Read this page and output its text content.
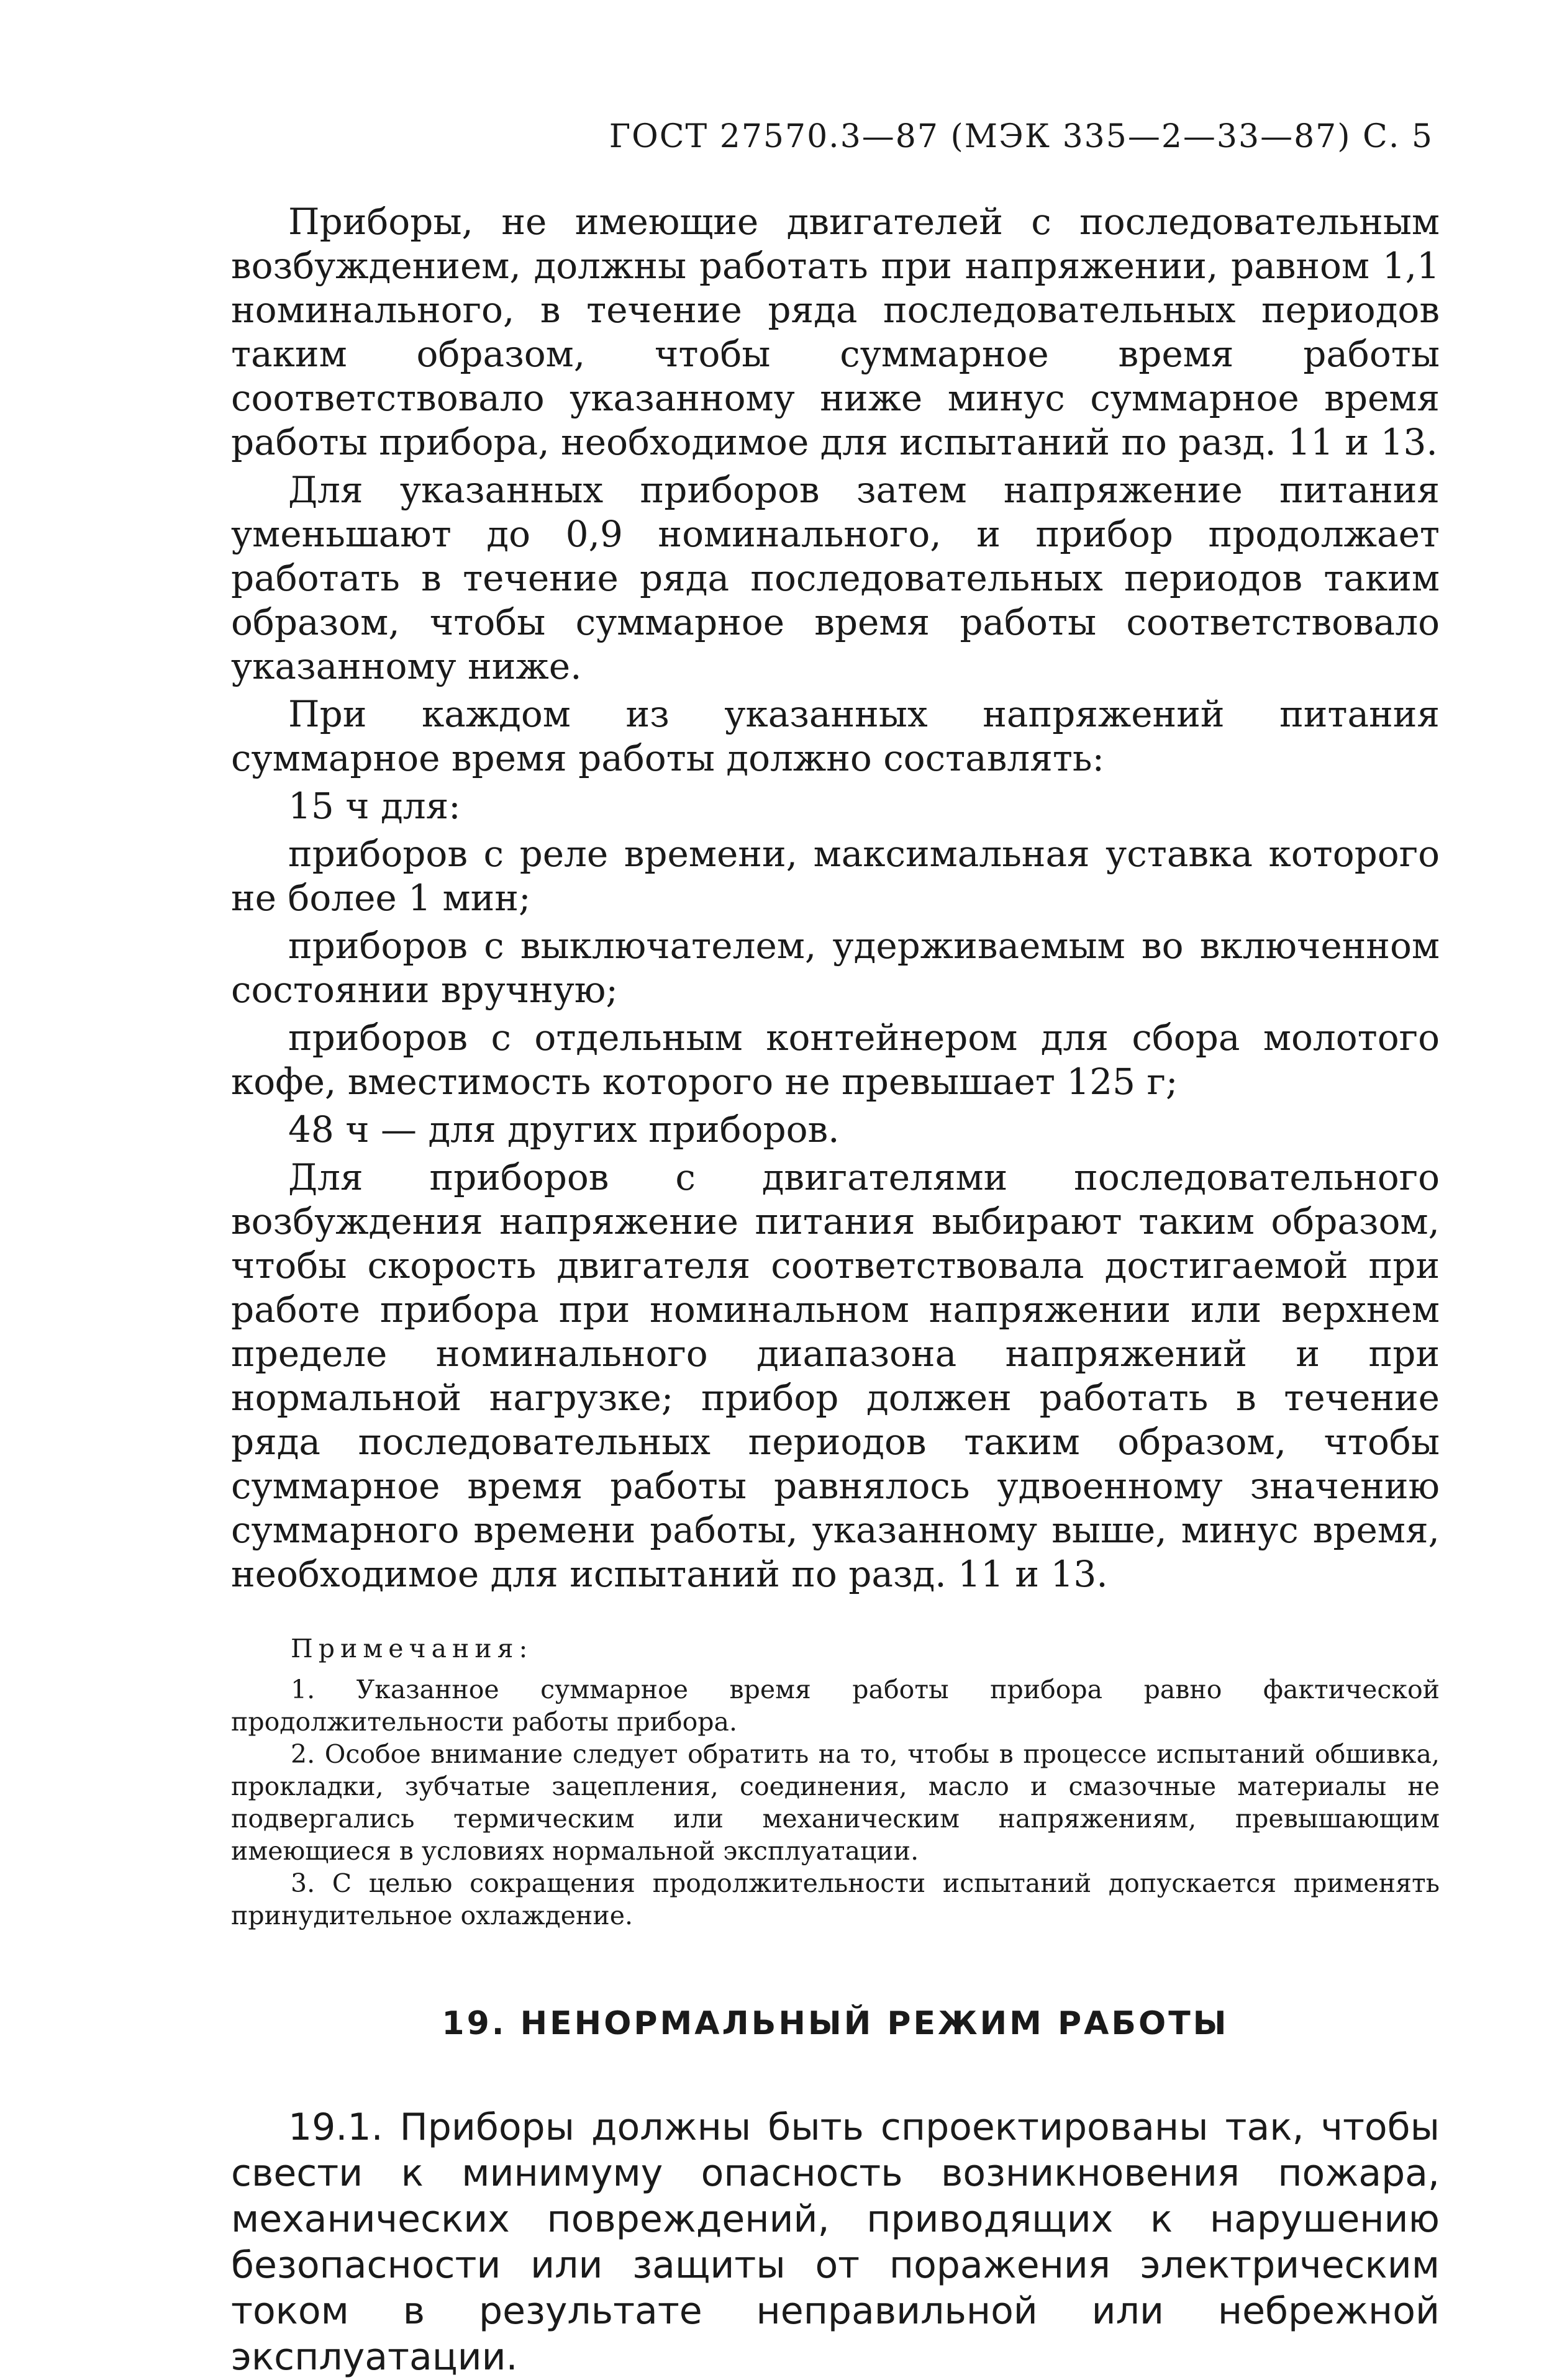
ГОСТ 27570.3—87 (МЭК 335—2—33—87) С. 5

Приборы, не имеющие двигателей с последовательным возбуждением, должны работать при напряжении, равном 1,1 номинального, в течение ряда последовательных периодов таким образом, чтобы суммарное время работы соответствовало указанному ниже минус суммарное время работы прибора, необходимое для испытаний по разд. 11 и 13.

Для указанных приборов затем напряжение питания уменьшают до 0,9 номинального, и прибор продолжает работать в течение ряда последовательных периодов таким образом, чтобы суммарное время работы соответствовало указанному ниже.

При каждом из указанных напряжений питания суммарное время работы должно составлять:

15 ч для:

приборов с реле времени, максимальная уставка которого не более 1 мин;

приборов с выключателем, удерживаемым во включенном состоянии вручную;

приборов с отдельным контейнером для сбора молотого кофе, вместимость которого не превышает 125 г;

48 ч — для других приборов.

Для приборов с двигателями последовательного возбуждения напряжение питания выбирают таким образом, чтобы скорость двигателя соответствовала достигаемой при работе прибора при номинальном напряжении или верхнем пределе номинального диапазона напряжений и при нормальной нагрузке; прибор должен работать в течение ряда последовательных периодов таким образом, чтобы суммарное время работы равнялось удвоенному значению суммарного времени работы, указанному выше, минус время, необходимое для испытаний по разд. 11 и 13.

Примечания:

1. Указанное суммарное время работы прибора равно фактической продолжительности работы прибора.

2. Особое внимание следует обратить на то, чтобы в процессе испытаний обшивка, прокладки, зубчатые зацепления, соединения, масло и смазочные материалы не подвергались термическим или механическим напряжениям, превышающим имеющиеся в условиях нормальной эксплуатации.

3. С целью сокращения продолжительности испытаний допускается применять принудительное охлаждение.

19. НЕНОРМАЛЬНЫЙ РЕЖИМ РАБОТЫ

19.1. Приборы должны быть спроектированы так, чтобы свести к минимуму опасность возникновения пожара, механических повреждений, приводящих к нарушению безопасности или защиты от поражения электрическим током в результате неправильной или небрежной эксплуатации.
